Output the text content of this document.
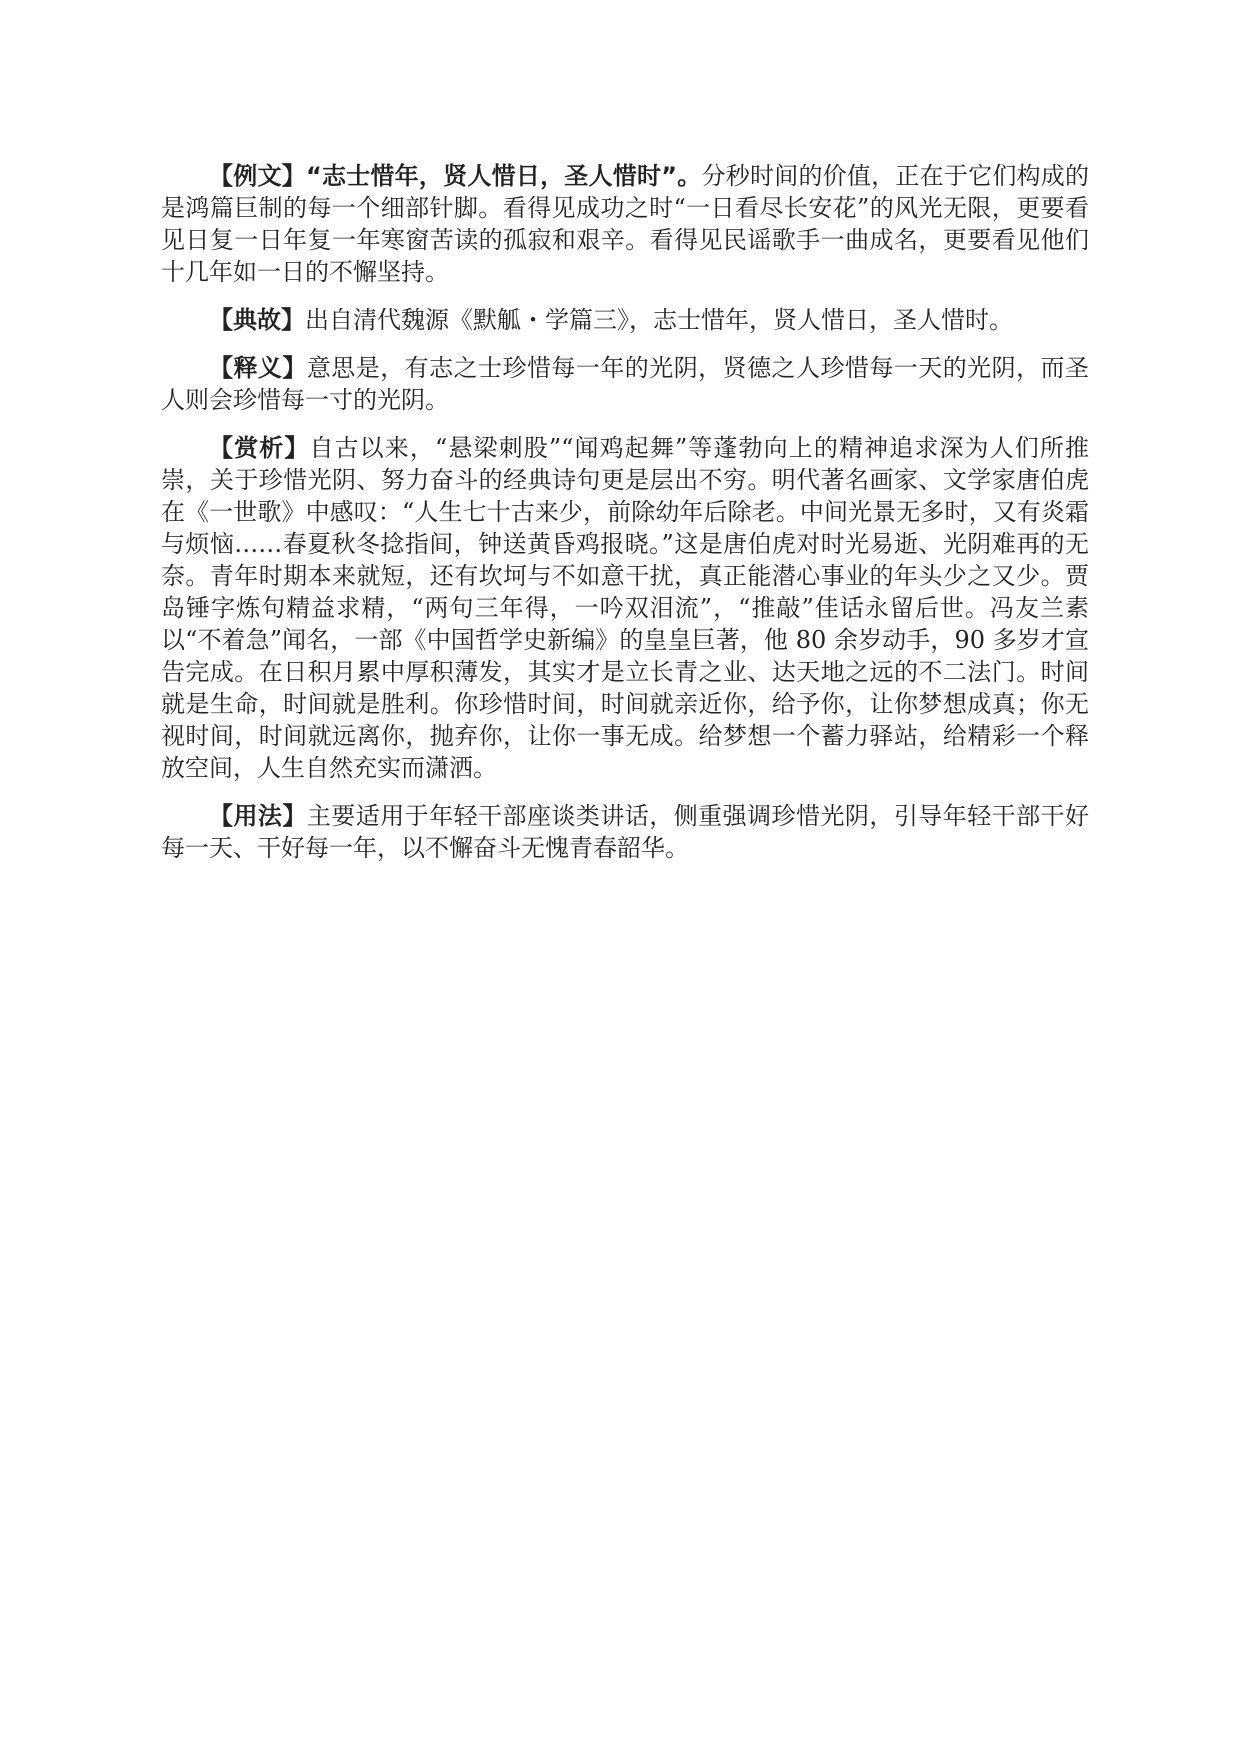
【例文】“志士惜年，贤人惜日，圣人惜时”。分秒时间的价值，正在于它们构成的是鸿篇巨制的每一个细部针脚。看得见成功之时“一日看尽长安花”的风光无限，更要看见日复一日年复一年寒窗苦读的孤寂和艰辛。看得见民谣歌手一曲成名，更要看见他们十几年如一日的不懈坚持。

【典故】出自清代魏源《默觚・学篇三》，志士惜年，贤人惜日，圣人惜时。

【释义】意思是，有志之士珍惜每一年的光阴，贤德之人珍惜每一天的光阴，而圣人则会珍惜每一寸的光阴。

【赏析】自古以来，“悬梁刺股”“闻鸡起舞”等蓬勃向上的精神追求深为人们所推崇，关于珍惜光阴、努力奋斗的经典诗句更是层出不穷。明代著名画家、文学家唐伯虎在《一世歌》中感叹：“人生七十古来少，前除幼年后除老。中间光景无多时，又有炎霜与烦恼……春夏秋冬捻指间，钟送黄昏鸡报晓。”这是唐伯虎对时光易逝、光阴难再的无奈。青年时期本来就短，还有坎坷与不如意干扰，真正能潜心事业的年头少之又少。贾岛锤字炼句精益求精，“两句三年得，一吟双泪流”，“推敲”佳话永留后世。冯友兰素以“不着急”闻名，一部《中国哲学史新编》的皇皇巨著，他 80 余岁动手，90 多岁才宣告完成。在日积月累中厚积薄发，其实才是立长青之业、达天地之远的不二法门。时间就是生命，时间就是胜利。你珍惜时间，时间就亲近你，给予你，让你梦想成真；你无视时间，时间就远离你，抛弃你，让你一事无成。给梦想一个蓄力驿站，给精彩一个释放空间，人生自然充实而潇洒。

【用法】主要适用于年轻干部座谈类讲话，侧重强调珍惜光阴，引导年轻干部干好每一天、干好每一年，以不懈奋斗无愧青春韶华。
